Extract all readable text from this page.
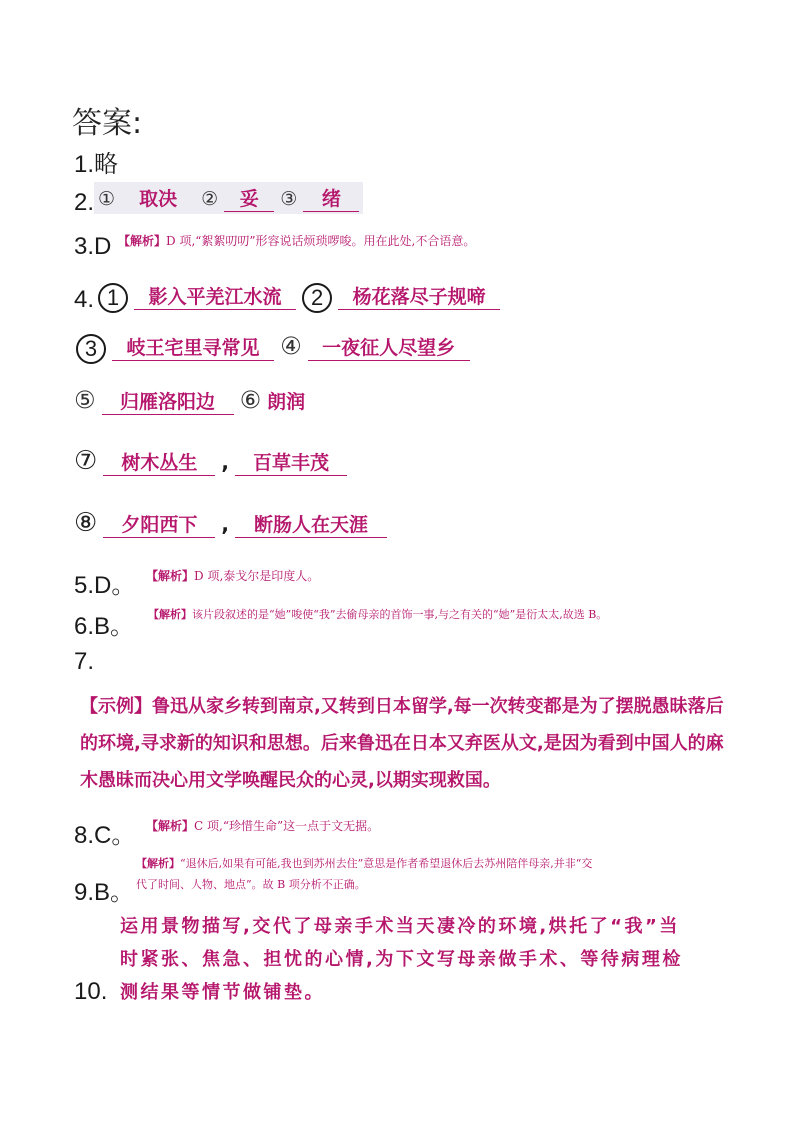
答案:
1.略
2. ① 取决 ② 妥 ③ 绪
3.D 【解析】D 项,“絮絮叨叨”形容说话烦琐啰唆。用在此处,不合语意。
4. 1 影入平羌江水流 2 杨花落尽子规啼
3 岐王宅里寻常见 ④ 一夜征人尽望乡
⑤ 归雁洛阳边 ⑥ 朗润
⑦ 树木丛生 , 百草丰茂
⑧ 夕阳西下 , 断肠人在天涯
5.D。 【解析】D 项,泰戈尔是印度人。
6.B。 【解析】该片段叙述的是“她”唆使“我”去偷母亲的首饰一事,与之有关的“她”是衍太太,故选 B。
7.
【示例】鲁迅从家乡转到南京,又转到日本留学,每一次转变都是为了摆脱愚昧落后的环境,寻求新的知识和思想。后来鲁迅在日本又弃医从文,是因为看到中国人的麻木愚昧而决心用文学唤醒民众的心灵,以期实现救国。
8.C。 【解析】C 项,“珍惜生命”这一点于文无据。
9.B。
【解析】“退休后,如果有可能,我也到苏州去住”意思是作者希望退休后去苏州陪伴母亲,并非“交
代了时间、人物、地点”。故 B 项分析不正确。
运用景物描写,交代了母亲手术当天凄冷的环境,烘托了“我”当时紧张、焦急、担忧的心情,为下文写母亲做手术、等待病理检测结果等情节做铺垫。
10.
